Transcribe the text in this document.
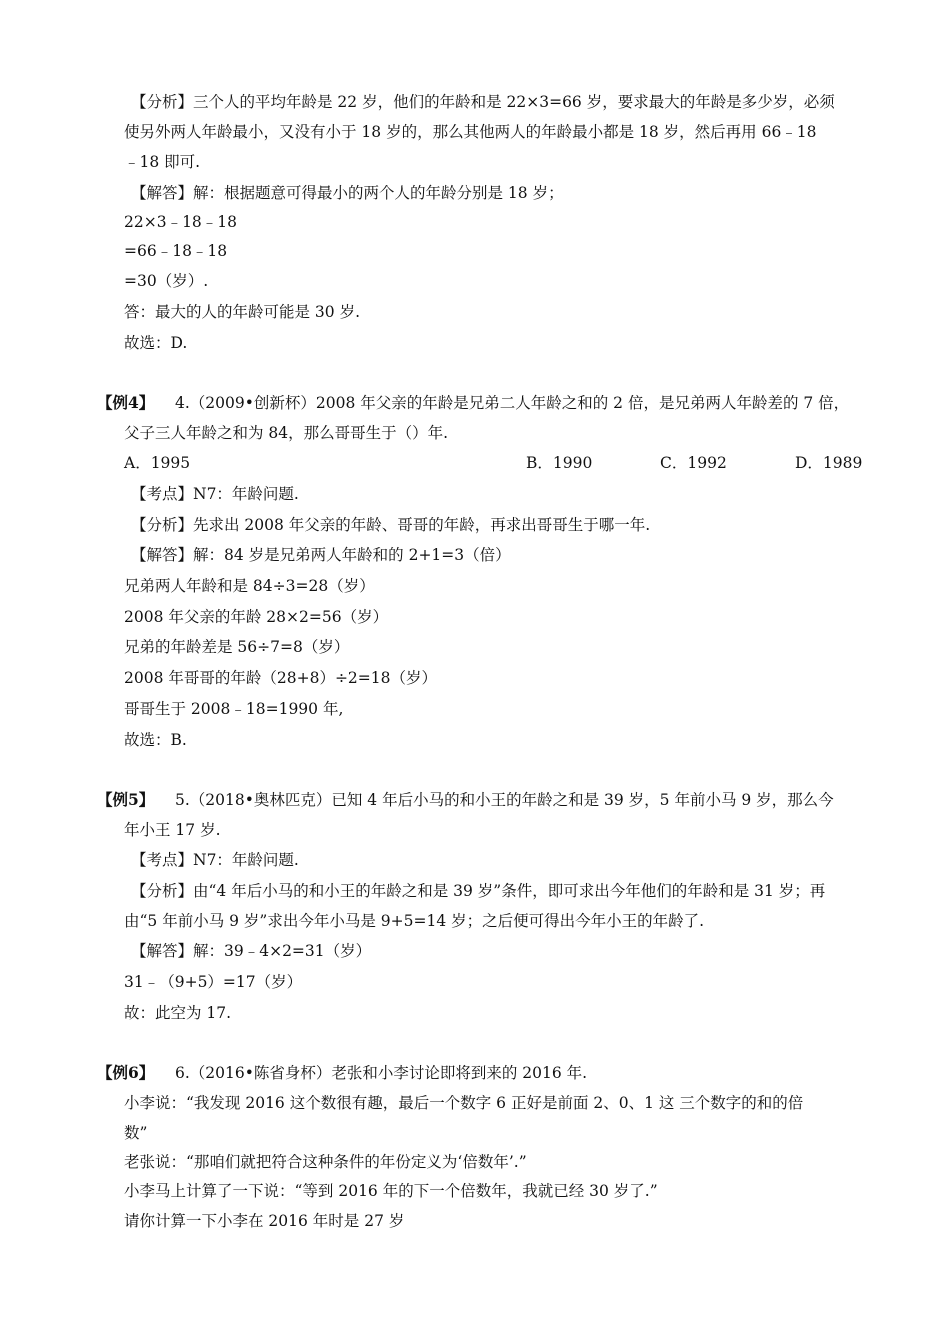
【分析】三个人的平均年龄是 22 岁，他们的年龄和是 22×3=66 岁，要求最大的年龄是多少岁，必须
使另外两人年龄最小，又没有小于 18 岁的，那么其他两人的年龄最小都是 18 岁，然后再用 66﹣18
﹣18 即可.
【解答】解：根据题意可得最小的两个人的年龄分别是 18 岁；
22×3﹣18﹣18
=66﹣18﹣18
=30（岁）.
答：最大的人的年龄可能是 30 岁.
故选：D.
【例4】 4.（2009•创新杯）2008 年父亲的年龄是兄弟二人年龄之和的 2 倍，是兄弟两人年龄差的 7 倍，
父子三人年龄之和为 84，那么哥哥生于（）年.
A．1995	B．1990	C．1992	D．1989
【考点】N7：年龄问题.
【分析】先求出 2008 年父亲的年龄、哥哥的年龄，再求出哥哥生于哪一年.
【解答】解：84 岁是兄弟两人年龄和的 2+1=3（倍）
兄弟两人年龄和是 84÷3=28（岁）
2008 年父亲的年龄 28×2=56（岁）
兄弟的年龄差是 56÷7=8（岁）
2008 年哥哥的年龄（28+8）÷2=18（岁）
哥哥生于 2008﹣18=1990 年,
故选：B.
【例5】 5.（2018•奥林匹克）已知 4 年后小马的和小王的年龄之和是 39 岁，5 年前小马 9 岁，那么今
年小王 17 岁.
【考点】N7：年龄问题.
【分析】由“4 年后小马的和小王的年龄之和是 39 岁”条件，即可求出今年他们的年龄和是 31 岁；再
由“5 年前小马 9 岁”求出今年小马是 9+5=14 岁；之后便可得出今年小王的年龄了.
【解答】解：39﹣4×2=31（岁）
31﹣（9+5）=17（岁）
故：此空为 17.
【例6】 6.（2016•陈省身杯）老张和小李讨论即将到来的 2016 年.
小李说：“我发现 2016 这个数很有趣，最后一个数字 6 正好是前面 2、0、1 这 三个数字的和的倍
数”
老张说：“那咱们就把符合这种条件的年份定义为‘倍数年’.”
小李马上计算了一下说：“等到 2016 年的下一个倍数年，我就已经 30 岁了.”
请你计算一下小李在 2016 年时是 27 岁
